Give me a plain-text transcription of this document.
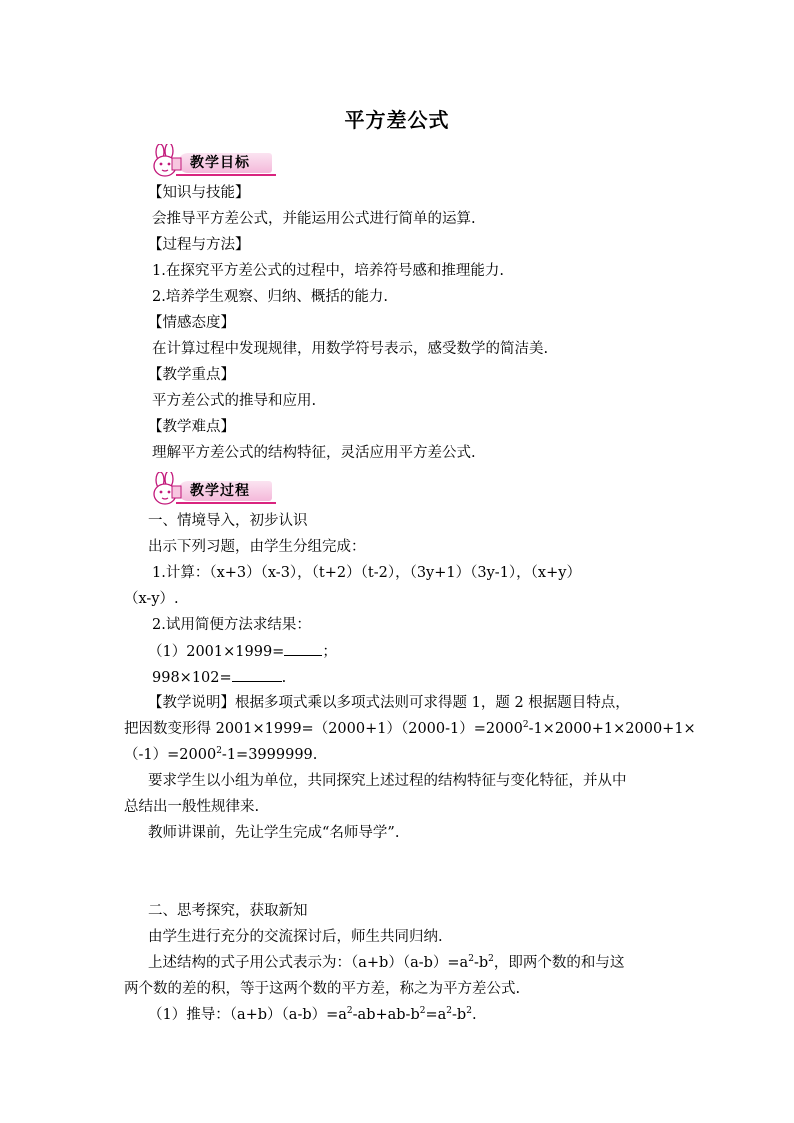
平方差公式
教学目标
【知识与技能】
会推导平方差公式，并能运用公式进行简单的运算.
【过程与方法】
1.在探究平方差公式的过程中，培养符号感和推理能力.
2.培养学生观察、归纳、概括的能力.
【情感态度】
在计算过程中发现规律，用数学符号表示，感受数学的简洁美.
【教学重点】
平方差公式的推导和应用.
【教学难点】
理解平方差公式的结构特征，灵活应用平方差公式.
教学过程
一、情境导入，初步认识
出示下列习题，由学生分组完成：
1.计算：（x+3）（x-3），（t+2）（t-2），（3y+1）（3y-1），（x+y）
（x-y）.
2.试用简便方法求结果：
（1）2001×1999=	；
998×102=	.
【教学说明】根据多项式乘以多项式法则可求得题 1，题 2 根据题目特点，
把因数变形得 $2001\times 1999=(2000+1)(2000-1)=2000^2-1\times 2000+1\times 2000+1\times$
$(-1)=2000^2-1=3999999$.
要求学生以小组为单位，共同探究上述过程的结构特征与变化特征，并从中
总结出一般性规律来.
教师讲课前，先让学生完成“名师导学”.
二、思考探究，获取新知
由学生进行充分的交流探讨后，师生共同归纳.
上述结构的式子用公式表示为：$(a+b)(a-b)=a^2-b^2$，即两个数的和与这
两个数的差的积，等于这两个数的平方差，称之为平方差公式.
（1）推导：$(a+b)(a-b)=a^2-ab+ab-b^2=a^2-b^2$.
